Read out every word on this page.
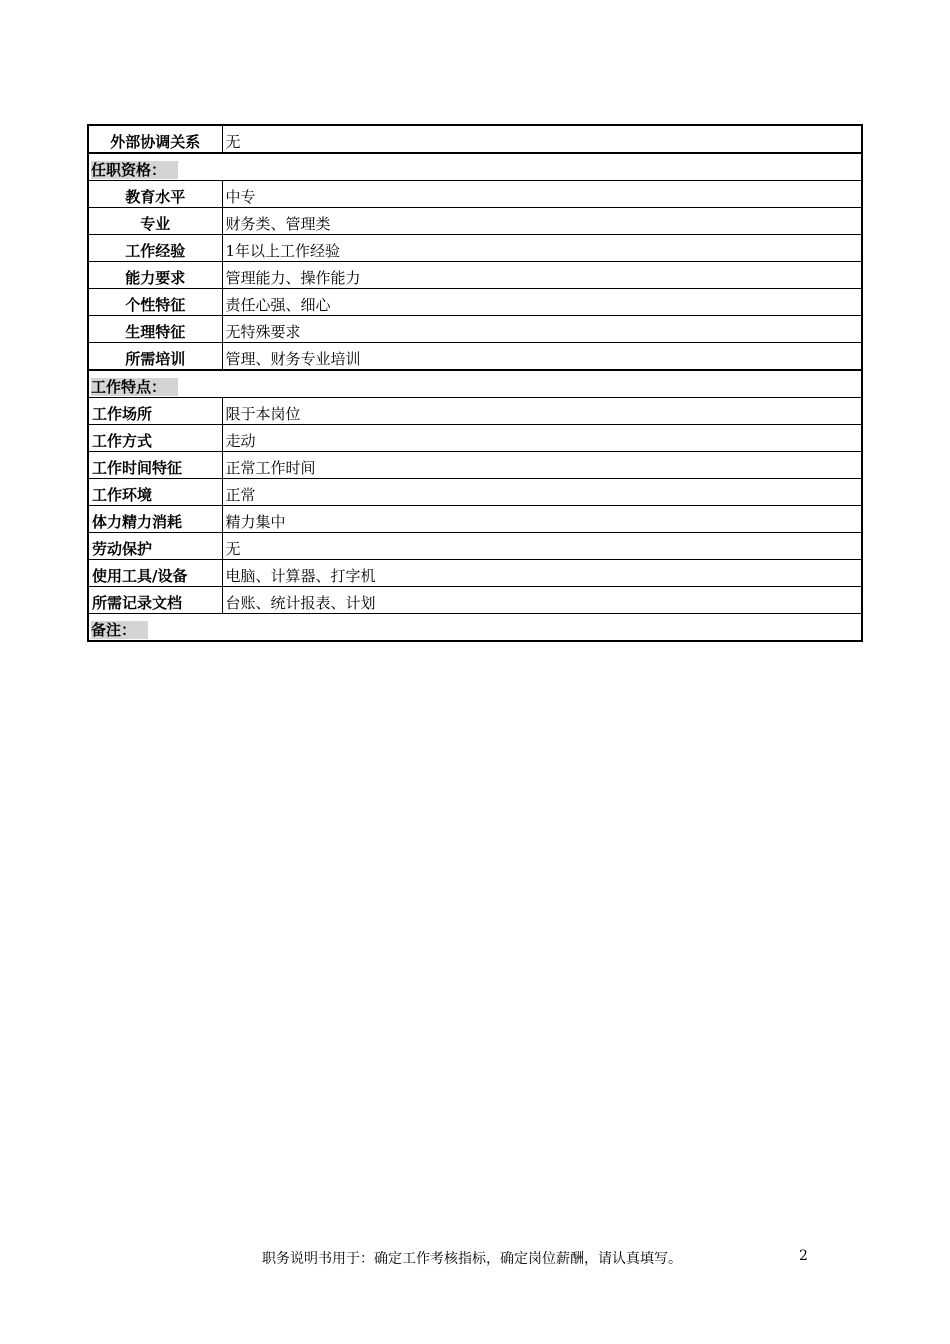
外部协调关系	无
任职资格：	
教育水平	中专
专业	财务类、管理类
工作经验	1年以上工作经验
能力要求	管理能力、操作能力
个性特征	责任心强、细心
生理特征	无特殊要求
所需培训	管理、财务专业培训
工作特点：	
工作场所	限于本岗位
工作方式	走动
工作时间特征	正常工作时间
工作环境	正常
体力精力消耗	精力集中
劳动保护	无
使用工具/设备	电脑、计算器、打字机
所需记录文档	台账、统计报表、计划
备注：	
职务说明书用于：确定工作考核指标，确定岗位薪酬，请认真填写。	2
